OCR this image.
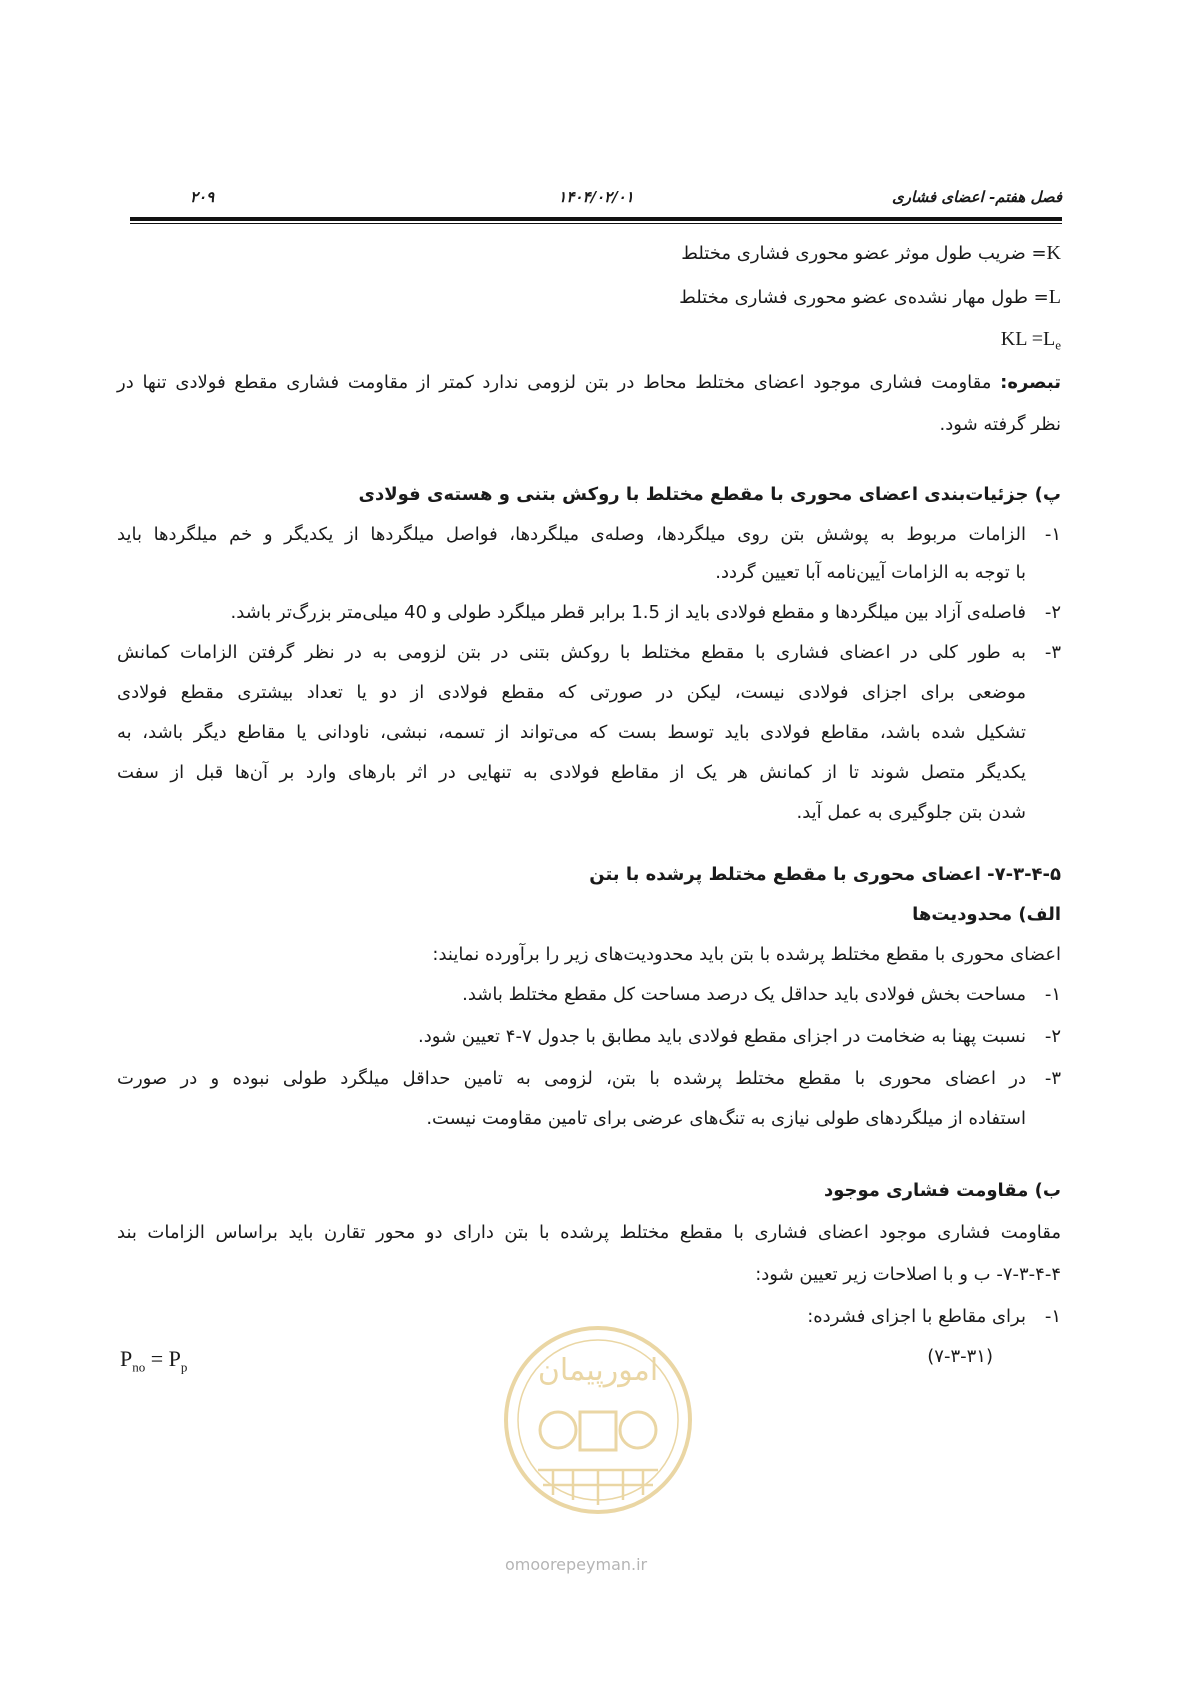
فصل هفتم- اعضای فشاری
۱۴۰۴/۰۲/۰۱
۲۰۹
K= ضریب طول موثر عضو محوری فشاری مختلط
L= طول مهار نشده‌ی عضو محوری فشاری مختلط
KL $=L_e$
تبصره: مقاومت فشاری موجود اعضای مختلط محاط در بتن لزومی ندارد کمتر از مقاومت فشاری مقطع فولادی تنها در
نظر گرفته شود.
پ) جزئیات‌بندی اعضای محوری با مقطع مختلط با روکش بتنی و هسته‌ی فولادی
۱-
الزامات مربوط به پوشش بتن روی میلگردها، وصله‌ی میلگردها، فواصل میلگردها از یکدیگر و خم میلگردها باید
با توجه به الزامات آیین‌نامه آبا تعیین گردد.
۲-
فاصله‌ی آزاد بین میلگردها و مقطع فولادی باید از 1.5 برابر قطر میلگرد طولی و 40 میلی‌متر بزرگ‌تر باشد.
۳-
به طور کلی در اعضای فشاری با مقطع مختلط با روکش بتنی در بتن لزومی به در نظر گرفتن الزامات کمانش
موضعی برای اجزای فولادی نیست، لیکن در صورتی که مقطع فولادی از دو یا تعداد بیشتری مقطع فولادی
تشکیل شده باشد، مقاطع فولادی باید توسط بست که می‌تواند از تسمه، نبشی، ناودانی یا مقاطع دیگر باشد، به
یکدیگر متصل شوند تا از کمانش هر یک از مقاطع فولادی به تنهایی در اثر بارهای وارد بر آن‌ها قبل از سفت
شدن بتن جلوگیری به عمل آید.
۷-۳-۴-۵- اعضای محوری با مقطع مختلط پرشده با بتن
الف) محدودیت‌ها
اعضای محوری با مقطع مختلط پرشده با بتن باید محدودیت‌های زیر را برآورده نمایند:
۱-
مساحت بخش فولادی باید حداقل یک درصد مساحت کل مقطع مختلط باشد.
۲-
نسبت پهنا به ضخامت در اجزای مقطع فولادی باید مطابق با جدول ۷-۴ تعیین شود.
۳-
در اعضای محوری با مقطع مختلط پرشده با بتن، لزومی به تامین حداقل میلگرد طولی نبوده و در صورت
استفاده از میلگردهای طولی نیازی به تنگ‌های عرضی برای تامین مقاومت نیست.
ب) مقاومت فشاری موجود
مقاومت فشاری موجود اعضای فشاری با مقطع مختلط پرشده با بتن دارای دو محور تقارن باید براساس الزامات بند
۷-۳-۴-۴- ب و با اصلاحات زیر تعیین شود:
۱-
برای مقاطع با اجزای فشرده:
(۷-۳-۳۱)
$P_{no} = P_p$	امورپیمان
omoorepeyman.ir
